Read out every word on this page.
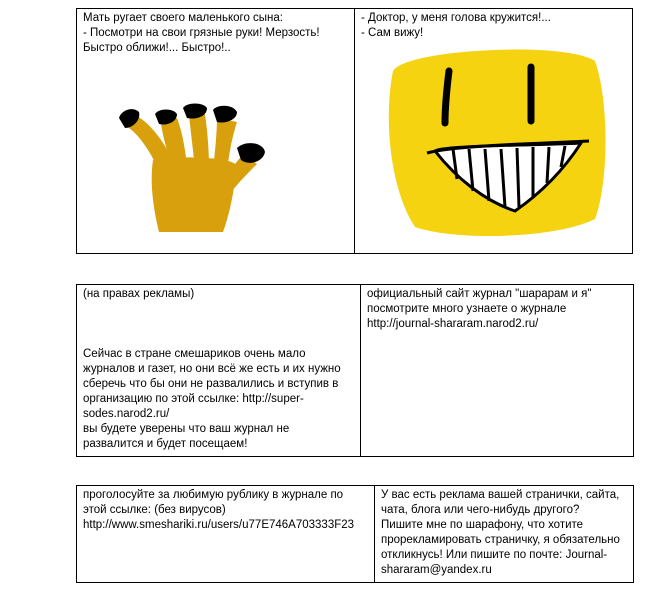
Мать ругает своего маленького сына:
- Посмотри на свои грязные руки! Мерзость!
Быстро оближи!... Быстро!..

- Доктор, у меня голова кружится!...
- Сам вижу!
(на правах рекламы)
Сейчас в стране смешариков очень мало
журналов и газет, но они всё же есть и их нужно
сберечь что бы они не развалились и вступив в
организацию по этой ссылке: http://super-
sodes.narod2.ru/
вы будете уверены что ваш журнал не
развалится и будет посещаем!

официальный сайт журнал "шарарам и я"
посмотрите много узнаете о журнале
http://journal-shararam.narod2.ru/
проголосуйте за любимую рублику в журнале по
этой ссылке: (без вирусов)
http://www.smeshariki.ru/users/u77E746A703333F23

У вас есть реклама вашей странички, сайта,
чата, блога или чего-нибудь другого?
Пишите мне по шарафону, что хотите
прорекламировать страничку, я обязательно
откликнусь! Или пишите по почте: Journal-
shararam@yandex.ru
